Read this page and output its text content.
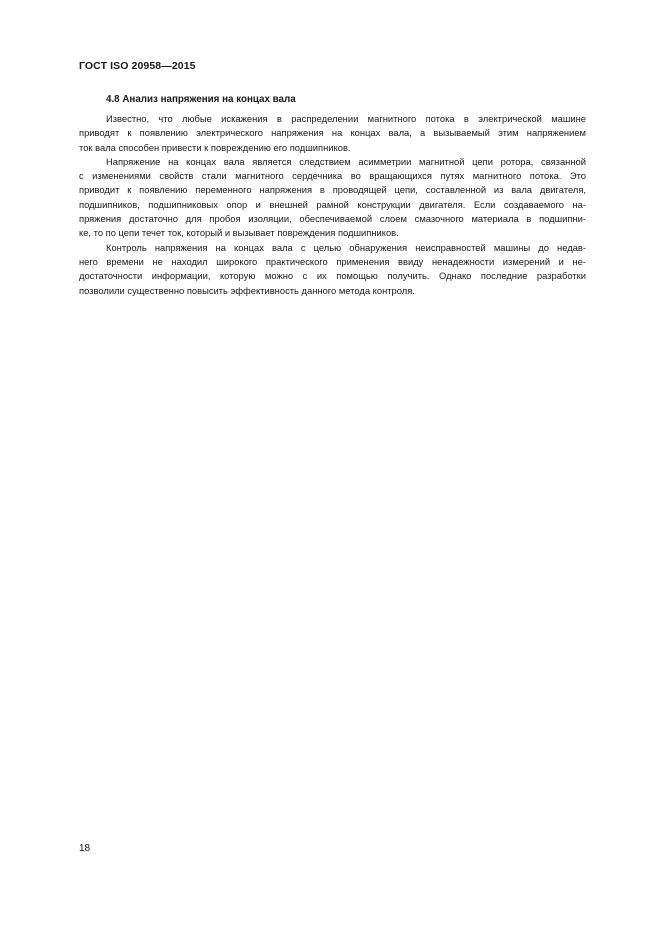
ГОСТ ISO 20958—2015
4.8 Анализ напряжения на концах вала
Известно, что любые искажения в распределении магнитного потока в электрической машине
приводят к появлению электрического напряжения на концах вала, а вызываемый этим напряжением
ток вала способен привести к повреждению его подшипников.
Напряжение на концах вала является следствием асимметрии магнитной цепи ротора, связанной
с изменениями свойств стали магнитного сердечника во вращающихся путях магнитного потока. Это
приводит к появлению переменного напряжения в проводящей цепи, составленной из вала двигателя,
подшипников, подшипниковых опор и внешней рамной конструкции двигателя. Если создаваемого на-
пряжения достаточно для пробоя изоляции, обеспечиваемой слоем смазочного материала в подшипни-
ке, то по цепи течет ток, который и вызывает повреждения подшипников.
Контроль напряжения на концах вала с целью обнаружения неисправностей машины до недав-
него времени не находил широкого практического применения ввиду ненадежности измерений и не-
достаточности информации, которую можно с их помощью получить. Однако последние разработки
позволили существенно повысить эффективность данного метода контроля.
18
